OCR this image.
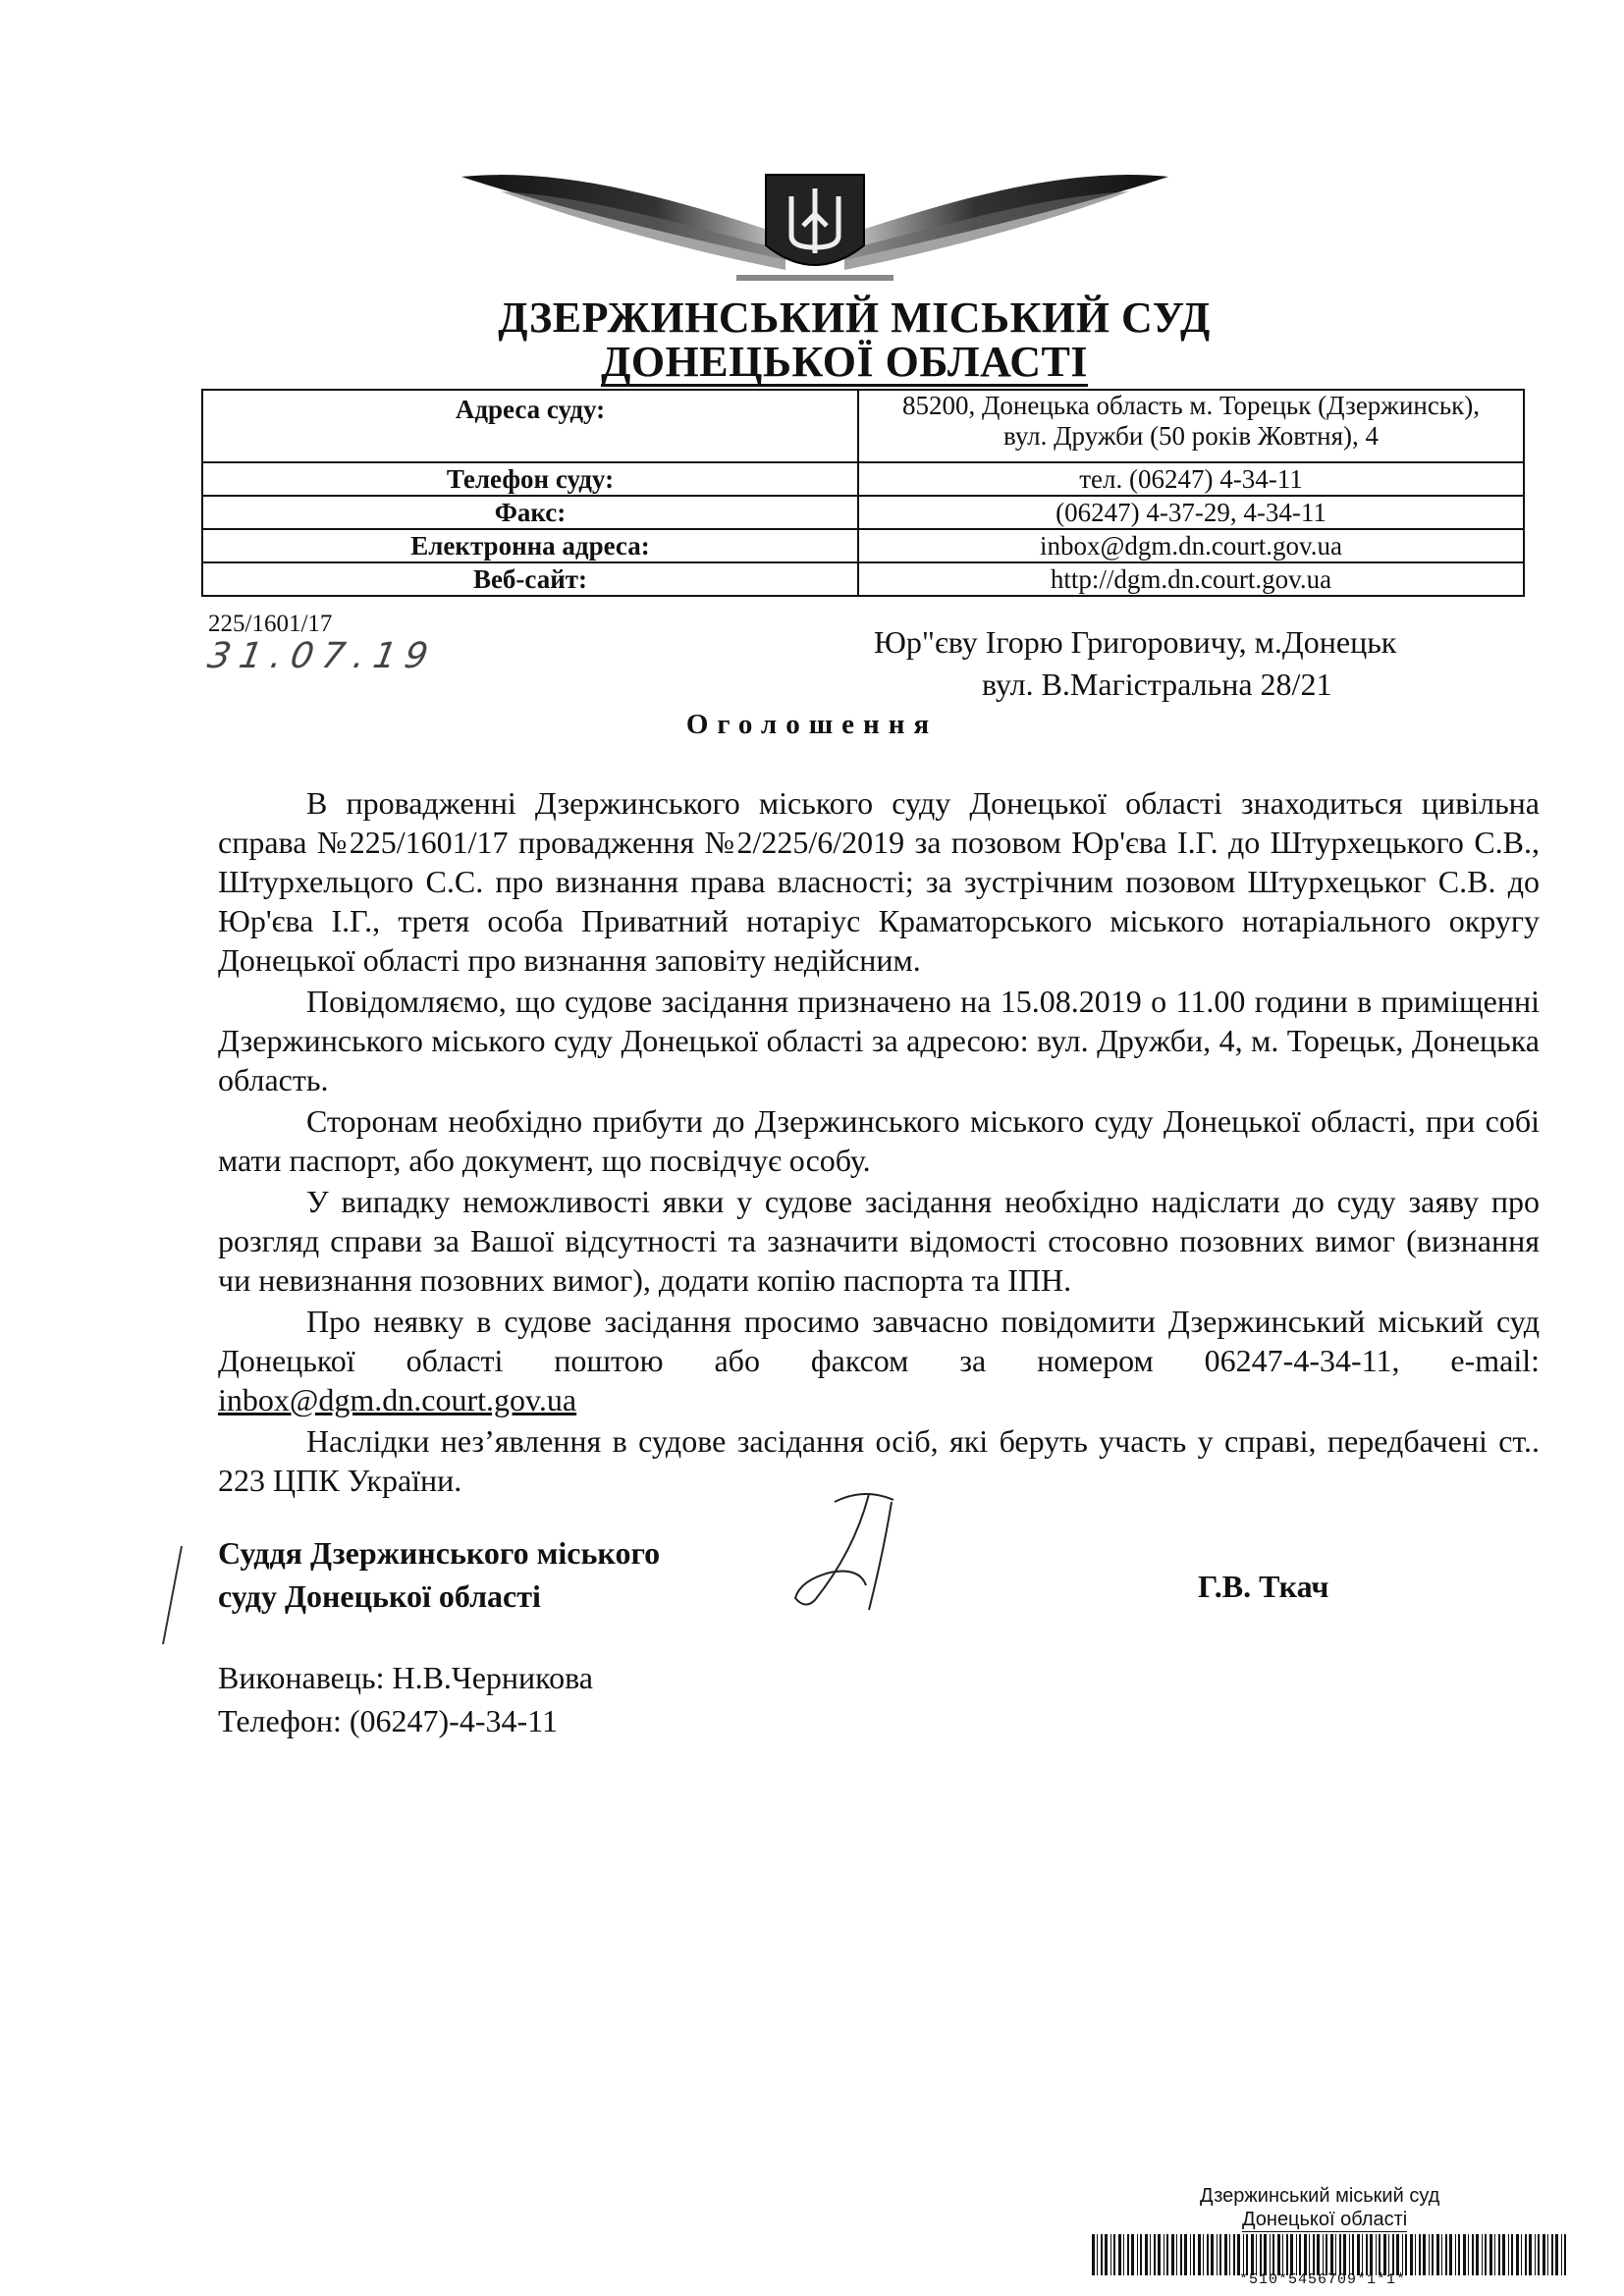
ДЗЕРЖИНСЬКИЙ МІСЬКИЙ СУД
ДОНЕЦЬКОЇ ОБЛАСТІ
Адреса суду:	85200, Донецька область м. Торецьк (Дзержинськ),
вул. Дружби (50 років Жовтня), 4

Телефон суду:	тел. (06247) 4-34-11
Факс:	(06247) 4-37-29, 4-34-11
Електронна адреса:	inbox@dgm.dn.court.gov.ua
Веб-сайт:	http://dgm.dn.court.gov.ua
225/1601/17
31.07.19	Юр"єву Ігорю Григоровичу, м.Донецьк
вул. В.Магістральна 28/21
Оголошення

В провадженні Дзержинського міського суду Донецької області знаходиться цивільна справа №225/1601/17 провадження №2/225/6/2019 за позовом Юр'єва І.Г. до Штурхецького С.В., Штурхельцого С.С. про визнання права власності; за зустрічним позовом Штурхецьког С.В. до Юр'єва І.Г., третя особа Приватний нотаріус Краматорського міського нотаріального округу Донецької області про визнання заповіту недійсним.

Повідомляємо, що судове засідання призначено на 15.08.2019 о 11.00 години в приміщенні Дзержинського міського суду Донецької області за адресою: вул. Дружби, 4, м. Торецьк, Донецька область.

Сторонам необхідно прибути до Дзержинського міського суду Донецької області, при собі мати паспорт, або документ, що посвідчує особу.

У випадку неможливості явки у судове засідання необхідно надіслати до суду заяву про розгляд справи за Вашої відсутності та зазначити відомості стосовно позовних вимог (визнання чи невизнання позовних вимог), додати копію паспорта та ІПН.

Про неявку в судове засідання просимо завчасно повідомити Дзержинський міський суд Донецької області поштою або факсом за номером 06247-4-34-11, e-mail: inbox@dgm.dn.court.gov.ua

Наслідки нез’явлення в судове засідання осіб, які беруть участь у справі, передбачені ст.. 223 ЦПК України.

Суддя Дзержинського міського
суду Донецької області	Г.В. Ткач
Виконавець: Н.В.Черникова
Телефон: (06247)-4-34-11
Дзержинський міський суд
Донецької області
*510*5456709*1*1*
